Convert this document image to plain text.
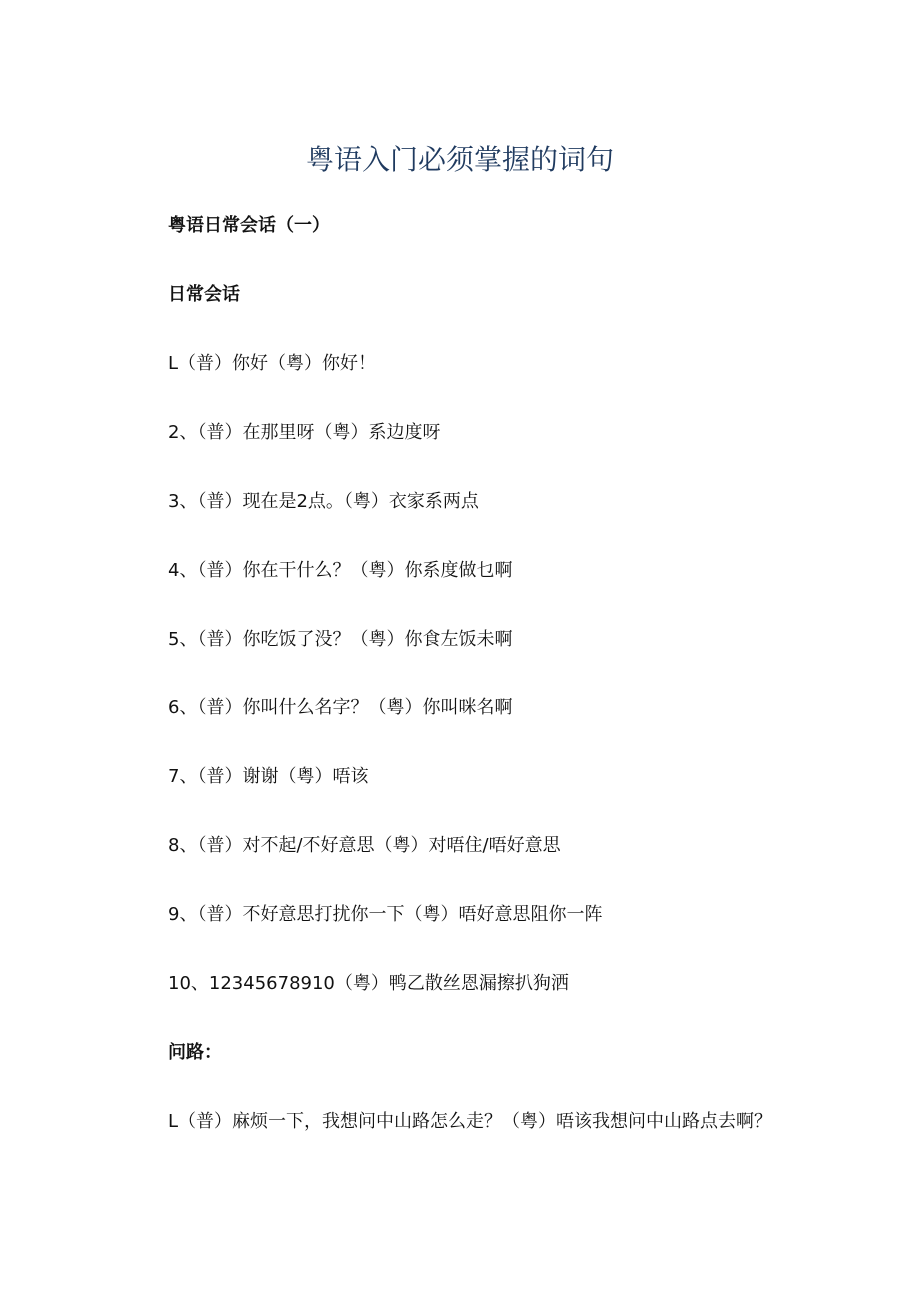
粤语入门必须掌握的词句
粤语日常会话（一）
日常会话
L（普）你好（粤）你好！
2、（普）在那里呀（粤）系边度呀
3、（普）现在是2点。（粤）衣家系两点
4、（普）你在干什么？（粤）你系度做乜啊
5、（普）你吃饭了没？（粤）你食左饭未啊
6、（普）你叫什么名字？（粤）你叫咪名啊
7、（普）谢谢（粤）唔该
8、（普）对不起/不好意思（粤）对唔住/唔好意思
9、（普）不好意思打扰你一下（粤）唔好意思阻你一阵
10、12345678910（粤）鸭乙散丝恩漏擦扒狗洒
问路：
L（普）麻烦一下，我想问中山路怎么走？（粤）唔该我想问中山路点去啊？
